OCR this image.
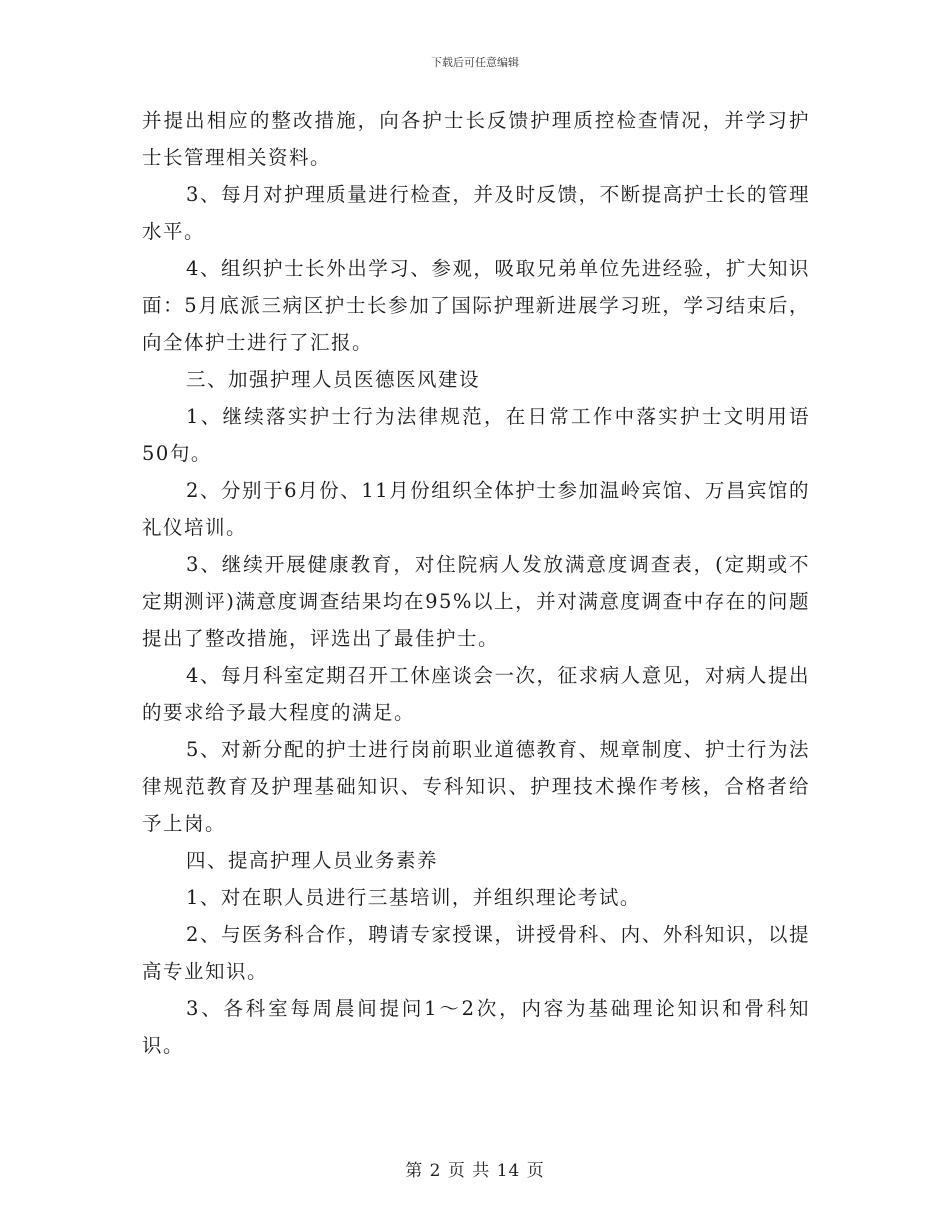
下载后可任意编辑

并提出相应的整改措施，向各护士长反馈护理质控检查情况，并学习护士长管理相关资料。

3、每月对护理质量进行检查，并及时反馈，不断提高护士长的管理水平。

4、组织护士长外出学习、参观，吸取兄弟单位先进经验，扩大知识面：5月底派三病区护士长参加了国际护理新进展学习班，学习结束后，向全体护士进行了汇报。

三、加强护理人员医德医风建设

1、继续落实护士行为法律规范，在日常工作中落实护士文明用语50句。

2、分别于6月份、11月份组织全体护士参加温岭宾馆、万昌宾馆的礼仪培训。

3、继续开展健康教育，对住院病人发放满意度调查表，(定期或不定期测评)满意度调查结果均在95%以上，并对满意度调查中存在的问题提出了整改措施，评选出了最佳护士。

4、每月科室定期召开工休座谈会一次，征求病人意见，对病人提出的要求给予最大程度的满足。

5、对新分配的护士进行岗前职业道德教育、规章制度、护士行为法律规范教育及护理基础知识、专科知识、护理技术操作考核，合格者给予上岗。

四、提高护理人员业务素养

1、对在职人员进行三基培训，并组织理论考试。

2、与医务科合作，聘请专家授课，讲授骨科、内、外科知识，以提高专业知识。

3、各科室每周晨间提问1～2次，内容为基础理论知识和骨科知识。

第 2 页 共 14 页
